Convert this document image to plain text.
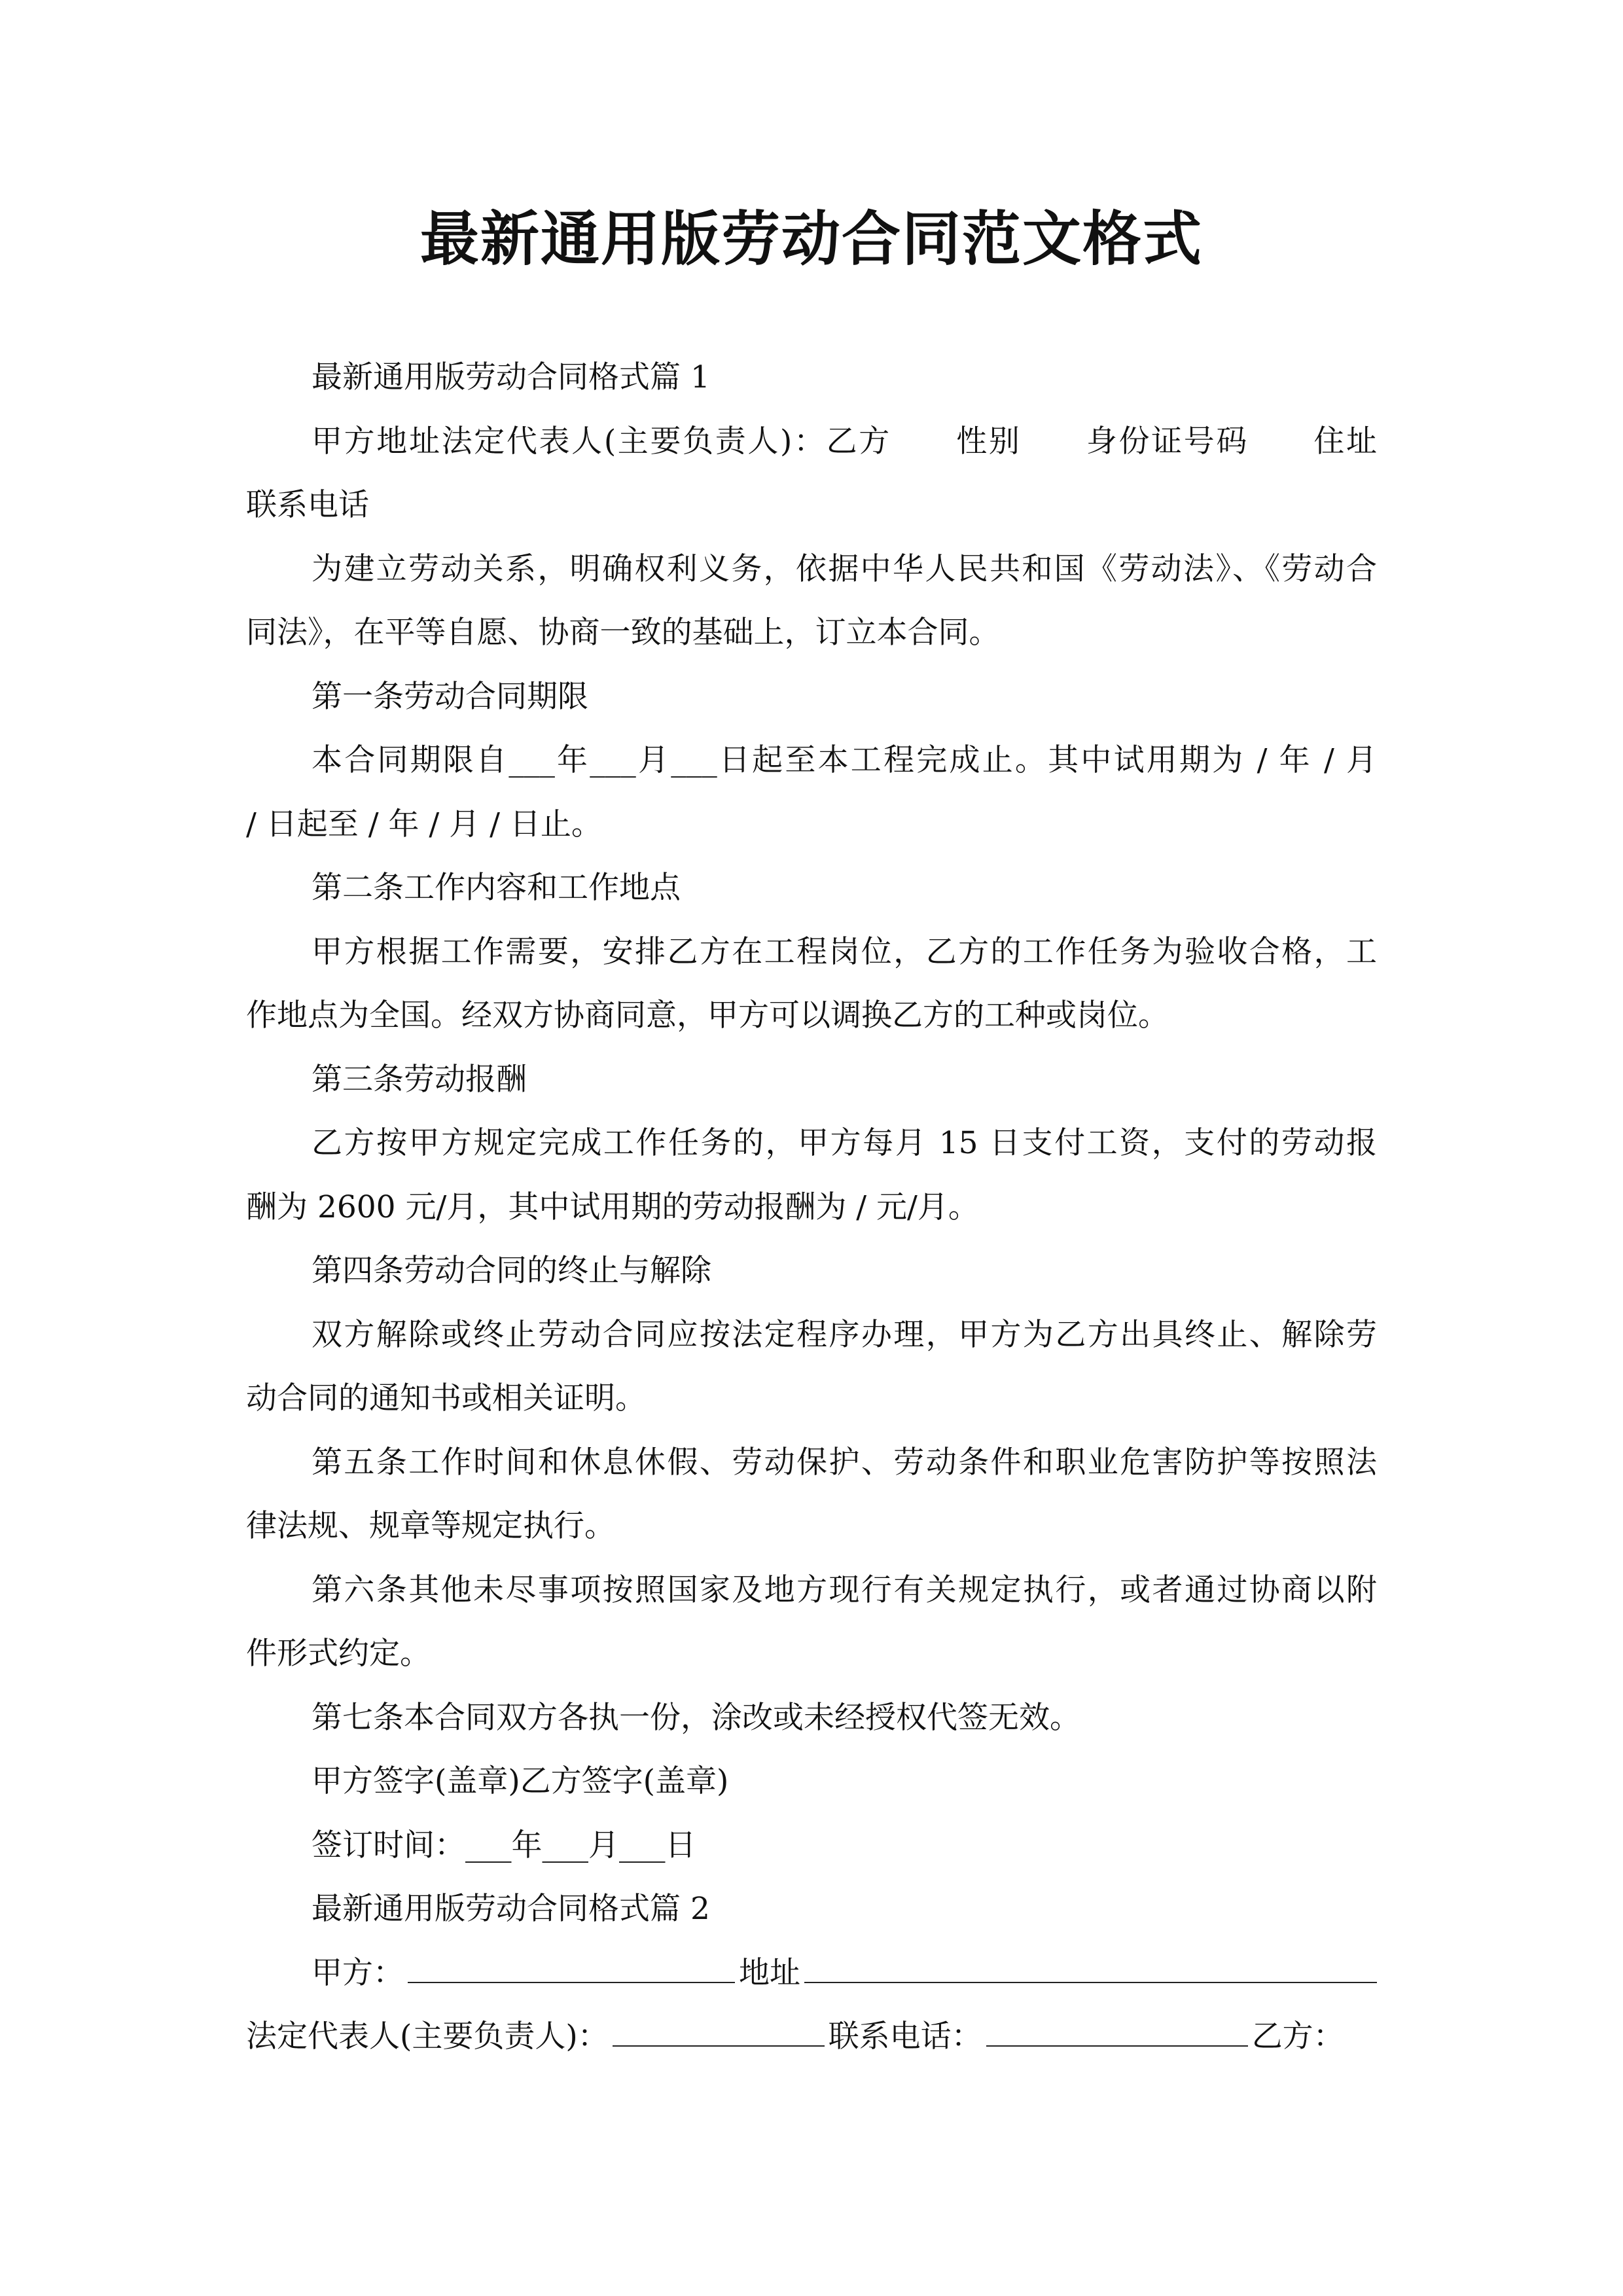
最新通用版劳动合同范文格式
最新通用版劳动合同格式篇 1
甲方地址法定代表人(主要负责人)：乙方　　性别　　身份证号码　　住址
联系电话
为建立劳动关系，明确权利义务，依据中华人民共和国《劳动法》、《劳动合
同法》，在平等自愿、协商一致的基础上，订立本合同。
第一条劳动合同期限
本合同期限自___年___月___日起至本工程完成止。其中试用期为 / 年 / 月
/ 日起至 / 年 / 月 / 日止。
第二条工作内容和工作地点
甲方根据工作需要，安排乙方在工程岗位，乙方的工作任务为验收合格，工
作地点为全国。经双方协商同意，甲方可以调换乙方的工种或岗位。
第三条劳动报酬
乙方按甲方规定完成工作任务的，甲方每月 15 日支付工资，支付的劳动报
酬为 2600 元/月，其中试用期的劳动报酬为 / 元/月。
第四条劳动合同的终止与解除
双方解除或终止劳动合同应按法定程序办理，甲方为乙方出具终止、解除劳
动合同的通知书或相关证明。
第五条工作时间和休息休假、劳动保护、劳动条件和职业危害防护等按照法
律法规、规章等规定执行。
第六条其他未尽事项按照国家及地方现行有关规定执行，或者通过协商以附
件形式约定。
第七条本合同双方各执一份，涂改或未经授权代签无效。
甲方签字(盖章)乙方签字(盖章)
签订时间：___年___月___日
最新通用版劳动合同格式篇 2
甲方：	地址
法定代表人(主要负责人)：	联系电话：	乙方：
